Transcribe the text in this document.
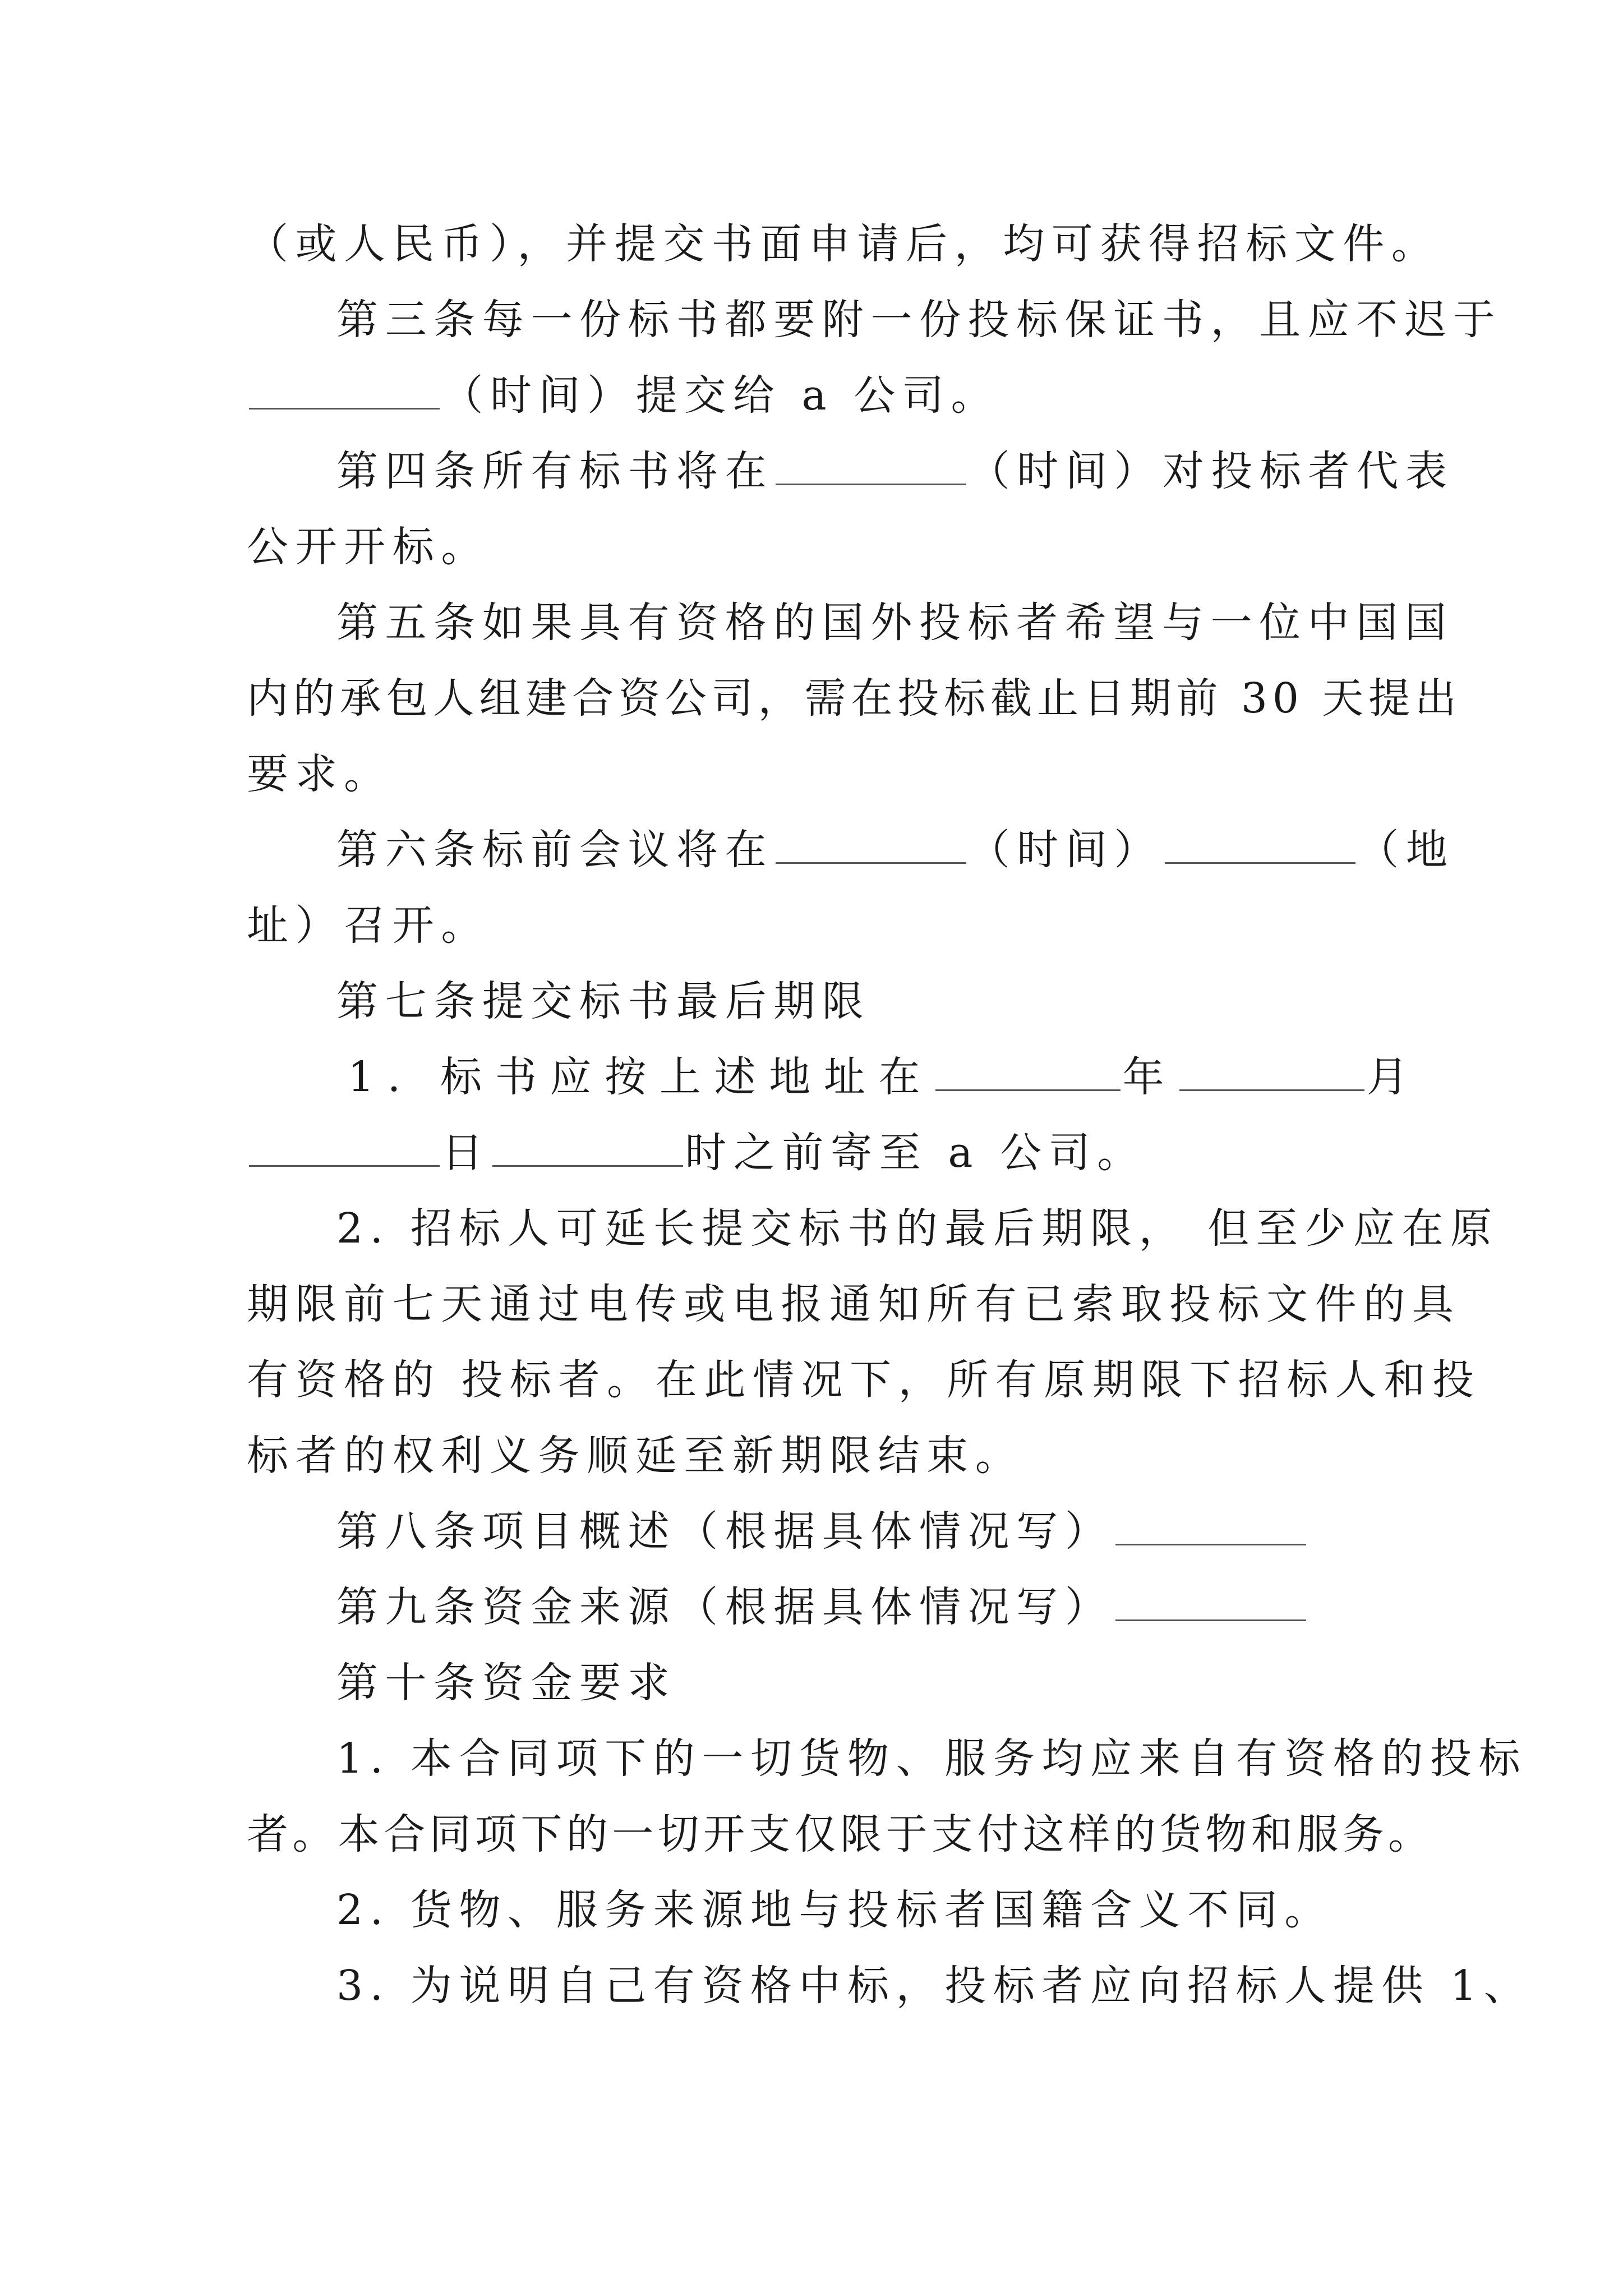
（或人民币），并提交书面申请后，均可获得招标文件。
第三条每一份标书都要附一份投标保证书，且应不迟于
（时间）提交给 a 公司。
第四条所有标书将在	（时间）对投标者代表
公开开标。
第五条如果具有资格的国外投标者希望与一位中国国
内的承包人组建合资公司，需在投标截止日期前 30 天提出
要求。
第六条标前会议将在	（时间）	（地
址）召开。
第七条提交标书最后期限
1. 标书应按上述地址在	年	月
日	时之前寄至 a 公司。
2. 招标人可延长提交标书的最后期限， 但至少应在原
期限前七天通过电传或电报通知所有已索取投标文件的具
有资格的 投标者。在此情况下，所有原期限下招标人和投
标者的权利义务顺延至新期限结束。
第八条项目概述（根据具体情况写）
第九条资金来源（根据具体情况写）
第十条资金要求
1. 本合同项下的一切货物、服务均应来自有资格的投标
者。本合同项下的一切开支仅限于支付这样的货物和服务。
2. 货物、服务来源地与投标者国籍含义不同。
3. 为说明自己有资格中标，投标者应向招标人提供 1、
